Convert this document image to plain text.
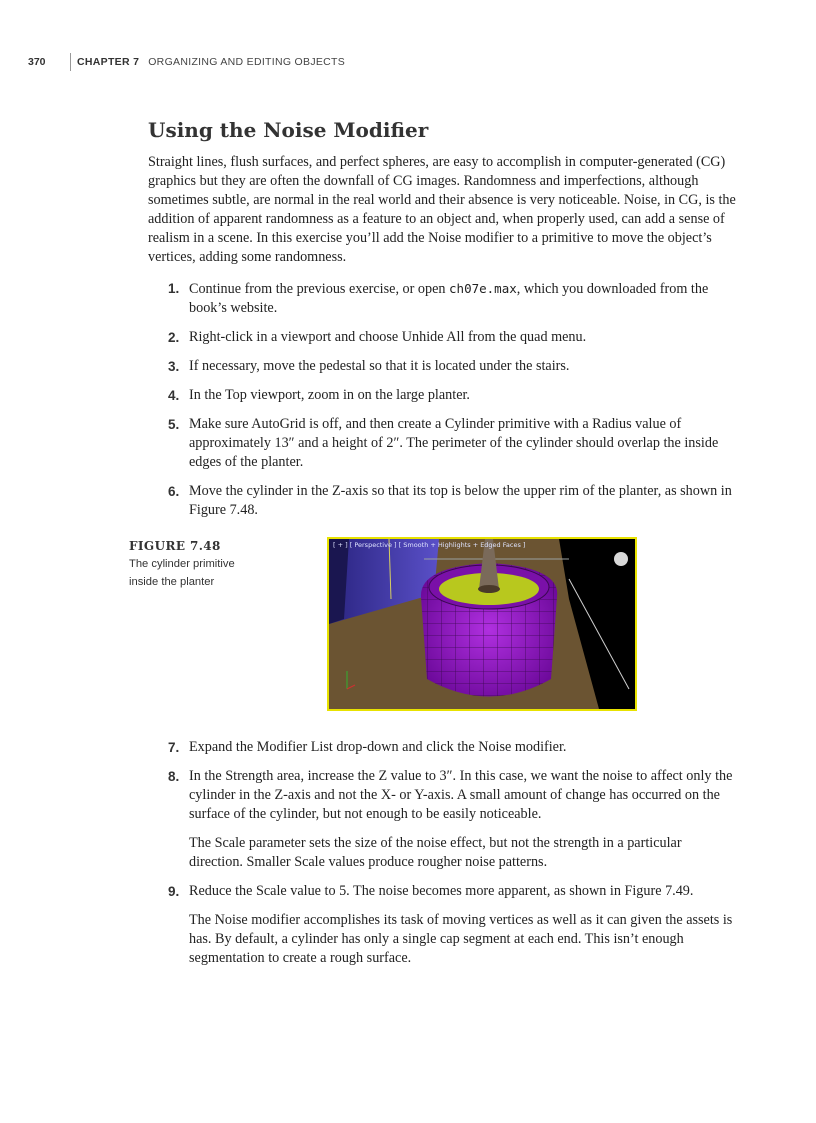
370	CHAPTER 7 ORGANIZING AND EDITING OBJECTS
Using the Noise Modifier

Straight lines, flush surfaces, and perfect spheres, are easy to accomplish in computer-generated (CG) graphics but they are often the downfall of CG images. Randomness and imperfections, although sometimes subtle, are normal in the real world and their absence is very noticeable. Noise, in CG, is the addition of apparent randomness as a feature to an object and, when properly used, can add a sense of realism in a scene. In this exercise you’ll add the Noise modifier to a primitive to move the object’s vertices, adding some randomness.

1. Continue from the previous exercise, or open ch07e.max, which you downloaded from the book’s website.
2. Right-click in a viewport and choose Unhide All from the quad menu.
3. If necessary, move the pedestal so that it is located under the stairs.
4. In the Top viewport, zoom in on the large planter.
5. Make sure AutoGrid is off, and then create a Cylinder primitive with a Radius value of approximately 13″ and a height of 2″. The perimeter of the cylinder should overlap the inside edges of the planter.
6. Move the cylinder in the Z-axis so that its top is below the upper rim of the planter, as shown in Figure 7.48.
FIGURE 7.48
The cylinder primitive inside the planter
[ + ] [ Perspective ] [ Smooth + Highlights + Edged Faces ]
7. Expand the Modifier List drop-down and click the Noise modifier.
8. In the Strength area, increase the Z value to 3″. In this case, we want the noise to affect only the cylinder in the Z-axis and not the X- or Y-axis. A small amount of change has occurred on the surface of the cylinder, but not enough to be easily noticeable.

The Scale parameter sets the size of the noise effect, but not the strength in a particular direction. Smaller Scale values produce rougher noise patterns.

9. Reduce the Scale value to 5. The noise becomes more apparent, as shown in Figure 7.49.

The Noise modifier accomplishes its task of moving vertices as well as it can given the assets is has. By default, a cylinder has only a single cap segment at each end. This isn’t enough segmentation to create a rough surface.
